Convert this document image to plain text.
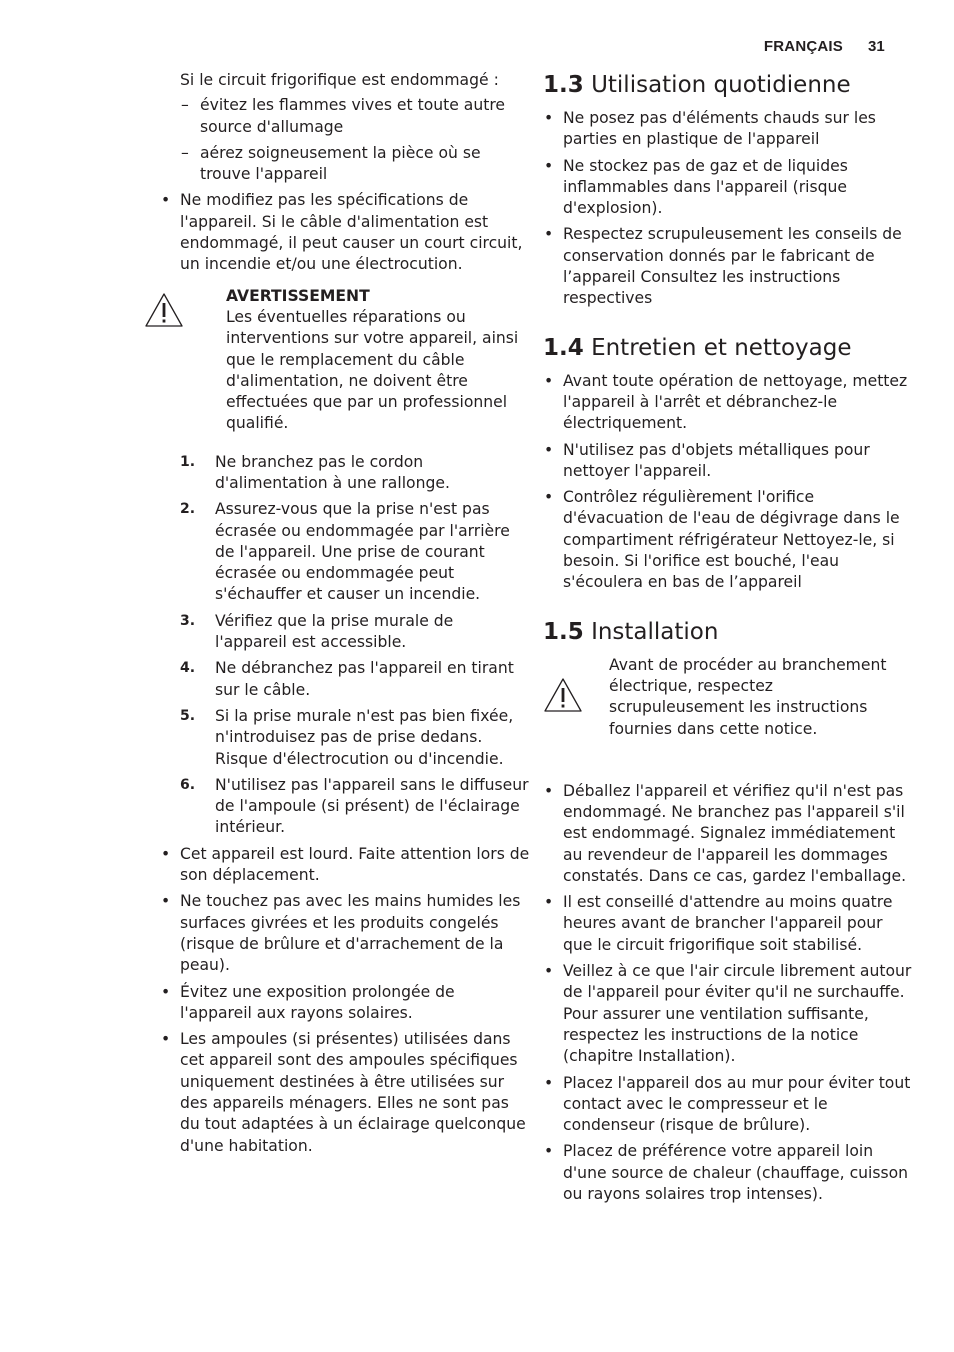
FRANÇAIS 31

Si le circuit frigorifique est endommagé :

– évitez les flammes vives et toute autre source d'allumage
– aérez soigneusement la pièce où se trouve l'appareil
• Ne modifiez pas les spécifications de l'appareil. Si le câble d'alimentation est endommagé, il peut causer un court circuit, un incendie et/ou une électrocution.
AVERTISSEMENT
Les éventuelles réparations ou interventions sur votre appareil, ainsi que le remplacement du câble d'alimentation, ne doivent être effectuées que par un professionnel qualifié.
1. Ne branchez pas le cordon d'alimentation à une rallonge.
2. Assurez-vous que la prise n'est pas écrasée ou endommagée par l'arrière de l'appareil. Une prise de courant écrasée ou endommagée peut s'échauffer et causer un incendie.
3. Vérifiez que la prise murale de l'appareil est accessible.
4. Ne débranchez pas l'appareil en tirant sur le câble.
5. Si la prise murale n'est pas bien fixée, n'introduisez pas de prise dedans. Risque d'électrocution ou d'incendie.
6. N'utilisez pas l'appareil sans le diffuseur de l'ampoule (si présent) de l'éclairage intérieur.
• Cet appareil est lourd. Faite attention lors de son déplacement.
• Ne touchez pas avec les mains humides les surfaces givrées et les produits congelés (risque de brûlure et d'arrachement de la peau).
• Évitez une exposition prolongée de l'appareil aux rayons solaires.
• Les ampoules (si présentes) utilisées dans cet appareil sont des ampoules spécifiques uniquement destinées à être utilisées sur des appareils ménagers. Elles ne sont pas du tout adaptées à un éclairage quelconque d'une habitation.
1.3 Utilisation quotidienne
• Ne posez pas d'éléments chauds sur les parties en plastique de l'appareil
• Ne stockez pas de gaz et de liquides inflammables dans l'appareil (risque d'explosion).
• Respectez scrupuleusement les conseils de conservation donnés par le fabricant de l’appareil Consultez les instructions respectives
1.4 Entretien et nettoyage
• Avant toute opération de nettoyage, mettez l'appareil à l'arrêt et débranchez-le électriquement.
• N'utilisez pas d'objets métalliques pour nettoyer l'appareil.
• Contrôlez régulièrement l'orifice d'évacuation de l'eau de dégivrage dans le compartiment réfrigérateur Nettoyez-le, si besoin. Si l'orifice est bouché, l'eau s'écoulera en bas de l’appareil
1.5 Installation
Avant de procéder au branchement électrique, respectez scrupuleusement les instructions fournies dans cette notice.
• Déballez l'appareil et vérifiez qu'il n'est pas endommagé. Ne branchez pas l'appareil s'il est endommagé. Signalez immédiatement au revendeur de l'appareil les dommages constatés. Dans ce cas, gardez l'emballage.
• Il est conseillé d'attendre au moins quatre heures avant de brancher l'appareil pour que le circuit frigorifique soit stabilisé.
• Veillez à ce que l'air circule librement autour de l'appareil pour éviter qu'il ne surchauffe. Pour assurer une ventilation suffisante, respectez les instructions de la notice (chapitre Installation).
• Placez l'appareil dos au mur pour éviter tout contact avec le compresseur et le condenseur (risque de brûlure).
• Placez de préférence votre appareil loin d'une source de chaleur (chauffage, cuisson ou rayons solaires trop intenses).
